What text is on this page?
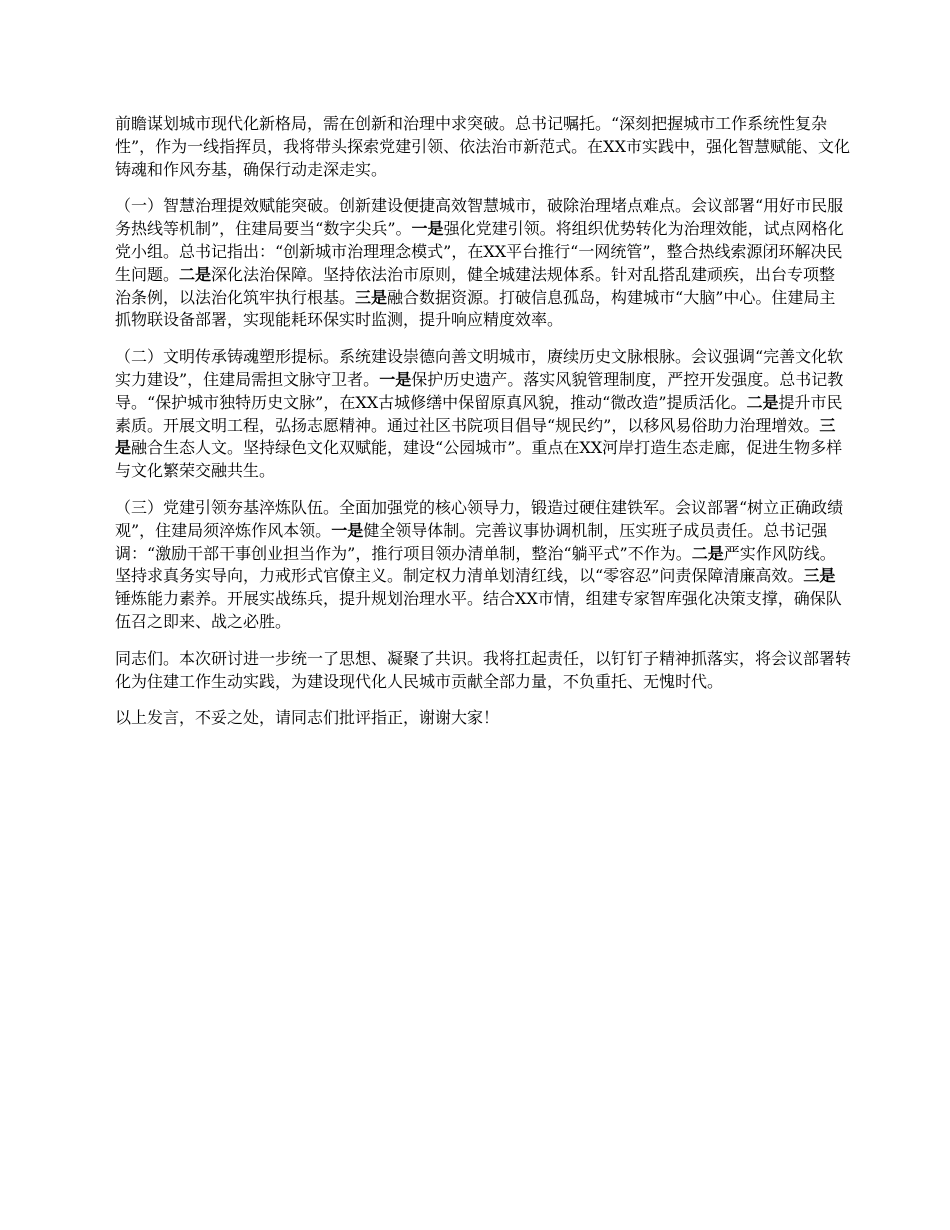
前瞻谋划城市现代化新格局，需在创新和治理中求突破。总书记嘱托。“深刻把握城市工作系统性复杂性”，作为一线指挥员，我将带头探索党建引领、依法治市新范式。在XX市实践中，强化智慧赋能、文化铸魂和作风夯基，确保行动走深走实。

（一）智慧治理提效赋能突破。创新建设便捷高效智慧城市，破除治理堵点难点。会议部署“用好市民服务热线等机制”，住建局要当“数字尖兵”。一是强化党建引领。将组织优势转化为治理效能，试点网格化党小组。总书记指出：“创新城市治理理念模式”，在XX平台推行“一网统管”，整合热线索源闭环解决民生问题。二是深化法治保障。坚持依法治市原则，健全城建法规体系。针对乱搭乱建顽疾，出台专项整治条例，以法治化筑牢执行根基。三是融合数据资源。打破信息孤岛，构建城市“大脑”中心。住建局主抓物联设备部署，实现能耗环保实时监测，提升响应精度效率。

（二）文明传承铸魂塑形提标。系统建设崇德向善文明城市，赓续历史文脉根脉。会议强调“完善文化软实力建设”，住建局需担文脉守卫者。一是保护历史遗产。落实风貌管理制度，严控开发强度。总书记教导。“保护城市独特历史文脉”，在XX古城修缮中保留原真风貌，推动“微改造”提质活化。二是提升市民素质。开展文明工程，弘扬志愿精神。通过社区书院项目倡导“规民约”，以移风易俗助力治理增效。三是融合生态人文。坚持绿色文化双赋能，建设“公园城市”。重点在XX河岸打造生态走廊，促进生物多样与文化繁荣交融共生。

（三）党建引领夯基淬炼队伍。全面加强党的核心领导力，锻造过硬住建铁军。会议部署“树立正确政绩观”，住建局须淬炼作风本领。一是健全领导体制。完善议事协调机制，压实班子成员责任。总书记强调：“激励干部干事创业担当作为”，推行项目领办清单制，整治“躺平式”不作为。二是严实作风防线。坚持求真务实导向，力戒形式官僚主义。制定权力清单划清红线，以“零容忍”问责保障清廉高效。三是锤炼能力素养。开展实战练兵，提升规划治理水平。结合XX市情，组建专家智库强化决策支撑，确保队伍召之即来、战之必胜。

同志们。本次研讨进一步统一了思想、凝聚了共识。我将扛起责任，以钉钉子精神抓落实，将会议部署转化为住建工作生动实践，为建设现代化人民城市贡献全部力量，不负重托、无愧时代。

以上发言，不妥之处，请同志们批评指正，谢谢大家！
